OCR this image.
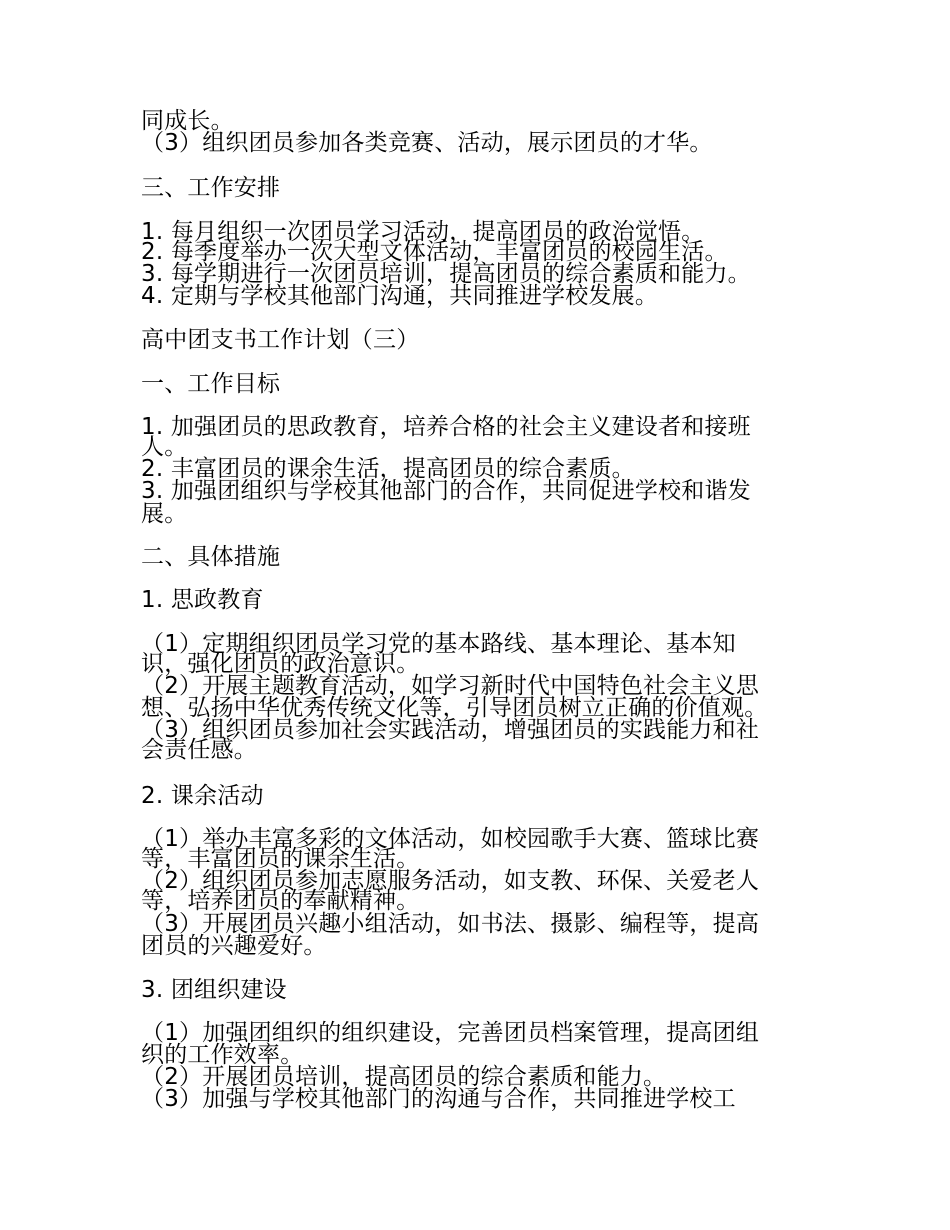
同成长。
（3）组织团员参加各类竞赛、活动，展示团员的才华。
三、工作安排
1. 每月组织一次团员学习活动，提高团员的政治觉悟。
2. 每季度举办一次大型文体活动，丰富团员的校园生活。
3. 每学期进行一次团员培训，提高团员的综合素质和能力。
4. 定期与学校其他部门沟通，共同推进学校发展。
高中团支书工作计划（三）
一、工作目标
1. 加强团员的思政教育，培养合格的社会主义建设者和接班
人。
2. 丰富团员的课余生活，提高团员的综合素质。
3. 加强团组织与学校其他部门的合作，共同促进学校和谐发
展。
二、具体措施
1. 思政教育
（1）定期组织团员学习党的基本路线、基本理论、基本知
识，强化团员的政治意识。
（2）开展主题教育活动，如学习新时代中国特色社会主义思
想、弘扬中华优秀传统文化等，引导团员树立正确的价值观。
（3）组织团员参加社会实践活动，增强团员的实践能力和社
会责任感。
2. 课余活动
（1）举办丰富多彩的文体活动，如校园歌手大赛、篮球比赛
等，丰富团员的课余生活。
（2）组织团员参加志愿服务活动，如支教、环保、关爱老人
等，培养团员的奉献精神。
（3）开展团员兴趣小组活动，如书法、摄影、编程等，提高
团员的兴趣爱好。
3. 团组织建设
（1）加强团组织的组织建设，完善团员档案管理，提高团组
织的工作效率。
（2）开展团员培训，提高团员的综合素质和能力。
（3）加强与学校其他部门的沟通与合作，共同推进学校工
